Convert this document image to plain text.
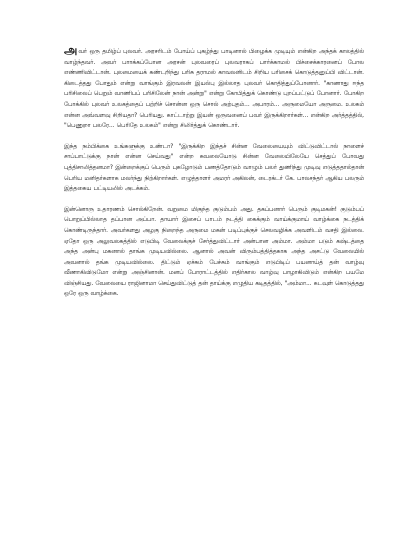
அவர் ஒரு தமிழ்ப் புலவர். அரசரிடம் போய்ப் புகழ்ந்து பாடினால் பிழைக்க முடியும் என்கிற அந்தக் காலத்தில் வாழ்ந்தவர். அவர் பாாக்கப்போன அரசன் புலவரைப் புலவராகப் பார்க்காமல் பிச்சைக்காரனைப் போல எண்ணிவிட்டான். புலமையைக் கண்டறிந்து பரிசு தராமல் காவலனிடம் சிறிய பரிசைக் கொடுத்தனுப்பி விட்டான். கிடைத்தது போதும் என்று வாங்கும் இரவலன் இயல்பு இல்லாத புலவர் கொதித்துப்போனார். "காணாது ஈந்த பரிசிலைப் பெறும் வாணிபப் பரிசிலேன் நான் அன்று" என்று கோபித்துக் கொண்டு புறப்பட்டுப் போனார். போகிற போக்கில் புலவர் உலகத்தைப் பற்றிச் சொன்ன ஒரு சொல் அற்புதம்... அபாரம்... அருமையோ அருமை. உலகம் என்ன அவ்வளவு சிறியதா? பெரியது. காட்டாற்று இயன் ஒருவனைப் பவர் இருக்கிறார்கள்... என்கிற அர்த்தத்தில், "பெணுறா பலரே... பெரிதே உலகம்" என்று சிலிர்த்துக் கொண்டார்.

இந்த நம்பிக்கை உங்களுக்கு உண்டா? "இருக்கிற இந்தச் சின்ன வேலையையும் விட்டுவிட்டால் நாளைச் சாப்பாட்டுக்கு நான் என்ன செய்வது" என்ற கவலையோடு சின்ன வேலையிலேயே செத்துப் போவது புத்திசாலித்தனமா? இன்றைக்குப் பெரும் புகழோடும் பணத்தோடும் வாழும் பலர் துணிந்து முடிவு எடுத்ததால்தான் பெரிய மனிதர்களாக மலர்ந்து நிற்கிறார்கள். எழுத்தாளர் அமரர் அகிலன், டைரக்டர் கே. பாலசந்தர் ஆகிய பலரும் இத்தகைய பட்டியலில் அடக்கம்.

இன்னொரு உதாரணம் சொல்கிறேன். வறுமை மிகுந்த குடும்பம் அது. தகப்பனார் பெரும் குடிமகன்! குடும்பப் பொறுப்பில்லாத தப்பான அப்பா. தாயார் இசைப் பாடம் நடத்தி கைக்கும் வாய்க்குமாய் வாழ்க்கை நடத்திக் கொண்டிருந்தார். அவர்களது அழகு நிறைந்த அருமை மகன் படிப்புக்குச் செலவழிக்க அவளிடம் வசதி இல்லை. ஏதோ ஒரு அலுவலகத்தில் எடுபிடி வேலைக்குச் சேர்த்துவிட்டார் அன்பான அம்மா. அம்மா படும் கஷ்டத்தை அந்த அன்பு மகனால் தாங்க முடியவில்லை. ஆனால் அவன் விரும்பத்தித்தகாக அந்த அசட்டு வேலையில் அவனால் தங்க முடியவில்லை. திட்டும் ஏச்சும் பேச்சும் வாங்கும் எடுபிடிப் பயனாய்த் தன் வாழ்வு வீணாகிவிடுமோ என்று அஞ்சினான். மனப் போராட்டத்தில் எதிர்கால வாழ்வு பாழாகிவிடும் என்கிற பயமே விஞ்சியது. வேலையை ராஜினாமா செய்துவிட்டுத் தன் தாய்க்கு எழுதிய கடிதத்தில், "அம்மா... கடவுள் கொடுத்தது ஒரே ஒரு வாழ்க்கை.
